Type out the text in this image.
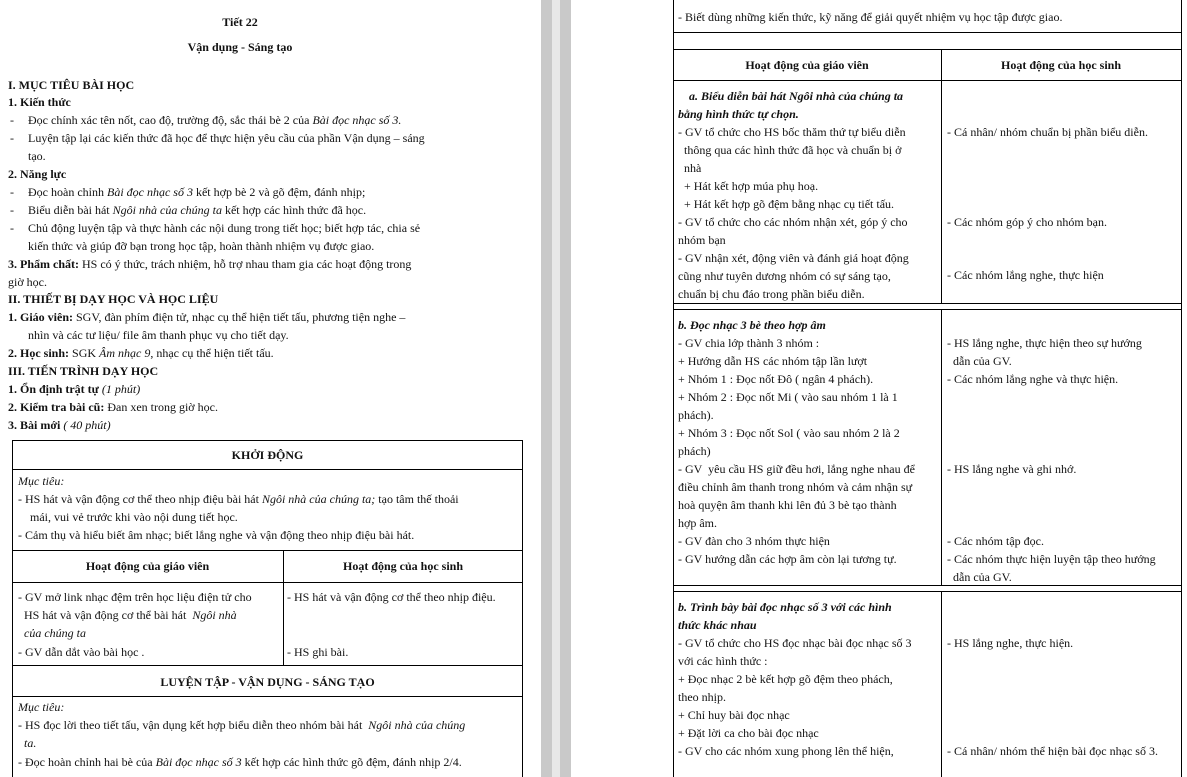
Tiết 22
Vận dụng - Sáng tạo
I. MỤC TIÊU BÀI HỌC
1. Kiến thức
- Đọc chính xác tên nốt, cao độ, trường độ, sắc thái bè 2 của Bài đọc nhạc số 3.
- Luyện tập lại các kiến thức đã học để thực hiện yêu cầu của phần Vận dụng – sáng
tạo.
2. Năng lực
- Đọc hoàn chỉnh Bài đọc nhạc số 3 kết hợp bè 2 và gõ đệm, đánh nhịp;
- Biểu diễn bài hát Ngôi nhà của chúng ta kết hợp các hình thức đã học.
- Chủ động luyện tập và thực hành các nội dung trong tiết học; biết hợp tác, chia sẻ
kiến thức và giúp đỡ bạn trong học tập, hoàn thành nhiệm vụ được giao.
3. Phẩm chất: HS có ý thức, trách nhiệm, hỗ trợ nhau tham gia các hoạt động trong
giờ học.
II. THIẾT BỊ DẠY HỌC VÀ HỌC LIỆU
1. Giáo viên: SGV, đàn phím điện tử, nhạc cụ thể hiện tiết tấu, phương tiện nghe –
nhìn và các tư liệu/ file âm thanh phục vụ cho tiết dạy.
2. Học sinh: SGK Âm nhạc 9, nhạc cụ thể hiện tiết tấu.
III. TIẾN TRÌNH DẠY HỌC
1. Ổn định trật tự (1 phút)
2. Kiểm tra bài cũ: Đan xen trong giờ học.
3. Bài mới ( 40 phút)
KHỞI ĐỘNG
Mục tiêu:
- HS hát và vận động cơ thể theo nhịp điệu bài hát Ngôi nhà của chúng ta; tạo tâm thế thoải
mái, vui vẻ trước khi vào nội dung tiết học.
- Cảm thụ và hiểu biết âm nhạc; biết lắng nghe và vận động theo nhịp điệu bài hát.
Hoạt động của giáo viên	Hoạt động của học sinh
- GV mở link nhạc đệm trên học liệu điện tử cho
HS hát và vận động cơ thể bài hát  Ngôi nhà
của chúng ta
- GV dẫn dắt vào bài học .
- HS hát và vận động cơ thể theo nhịp điệu.
- HS ghi bài.
LUYỆN TẬP - VẬN DỤNG - SÁNG TẠO
Mục tiêu:
- HS đọc lời theo tiết tấu, vận dụng kết hợp biểu diễn theo nhóm bài hát  Ngôi nhà của chúng
ta.
- Đọc hoàn chỉnh hai bè của Bài đọc nhạc số 3 kết hợp các hình thức gõ đệm, đánh nhịp 2/4.
- Biết dùng những kiến thức, kỹ năng để giải quyết nhiệm vụ học tập được giao.
Hoạt động của giáo viên	Hoạt động của học sinh
a. Biểu diễn bài hát Ngôi nhà của chúng ta
bằng hình thức tự chọn.
- GV tổ chức cho HS bốc thăm thứ tự biểu diễn
thông qua các hình thức đã học và chuẩn bị ở
nhà
+ Hát kết hợp múa phụ hoạ.
+ Hát kết hợp gõ đệm bằng nhạc cụ tiết tấu.
- GV tổ chức cho các nhóm nhận xét, góp ý cho
nhóm bạn
- GV nhận xét, động viên và đánh giá hoạt động
cũng như tuyên dương nhóm có sự sáng tạo,
chuẩn bị chu đáo trong phần biểu diễn.
- Cá nhân/ nhóm chuẩn bị phần biểu diễn.
- Các nhóm góp ý cho nhóm bạn.
- Các nhóm lắng nghe, thực hiện
b. Đọc nhạc 3 bè theo hợp âm
- GV chia lớp thành 3 nhóm :
+ Hướng dẫn HS các nhóm tập lần lượt
+ Nhóm 1 : Đọc nốt Đô ( ngân 4 phách).
+ Nhóm 2 : Đọc nốt Mi ( vào sau nhóm 1 là 1
phách).
+ Nhóm 3 : Đọc nốt Sol ( vào sau nhóm 2 là 2
phách)
- GV  yêu cầu HS giữ đều hơi, lắng nghe nhau để
điều chỉnh âm thanh trong nhóm và cảm nhận sự
hoà quyện âm thanh khi lên đủ 3 bè tạo thành
hợp âm.
- GV đàn cho 3 nhóm thực hiện
- GV hướng dẫn các hợp âm còn lại tương tự.
- HS lắng nghe, thực hiện theo sự hướng
dẫn của GV.
- Các nhóm lắng nghe và thực hiện.
- HS lắng nghe và ghi nhớ.
- Các nhóm tập đọc.
- Các nhóm thực hiện luyện tập theo hướng
dẫn của GV.
b. Trình bày bài đọc nhạc số 3 với các hình
thức khác nhau
- GV tổ chức cho HS đọc nhạc bài đọc nhạc số 3
với các hình thức :
+ Đọc nhạc 2 bè kết hợp gõ đệm theo phách,
theo nhịp.
+ Chỉ huy bài đọc nhạc
+ Đặt lời ca cho bài đọc nhạc
- GV cho các nhóm xung phong lên thể hiện,
- HS lắng nghe, thực hiện.
- Cá nhân/ nhóm thể hiện bài đọc nhạc số 3.
